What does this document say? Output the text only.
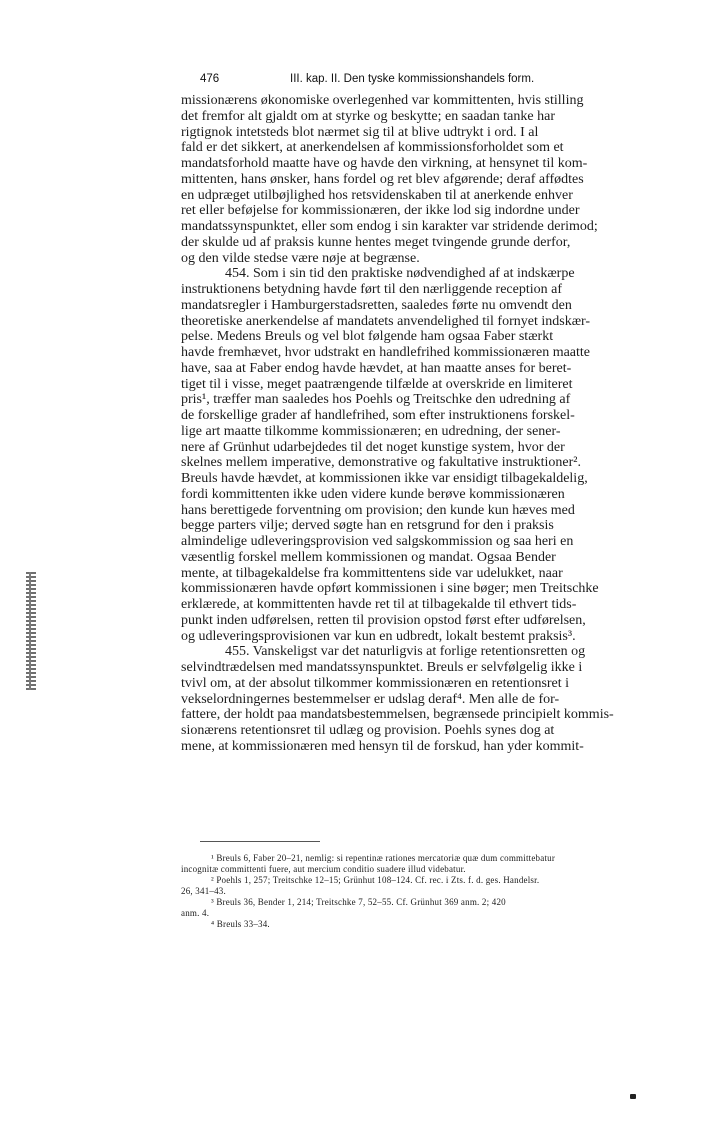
476	III. kap. II. Den tyske kommissionshandels form.
missionærens økonomiske overlegenhed var kommittenten, hvis stilling
det fremfor alt gjaldt om at styrke og beskytte; en saadan tanke har
rigtignok intetsteds blot nærmet sig til at blive udtrykt i ord. I al
fald er det sikkert, at anerkendelsen af kommissionsforholdet som et
mandatsforhold maatte have og havde den virkning, at hensynet til kom-
mittenten, hans ønsker, hans fordel og ret blev afgørende; deraf affødtes
en udpræget utilbøjlighed hos retsvidenskaben til at anerkende enhver
ret eller beføjelse for kommissionæren, der ikke lod sig indordne under
mandatssynspunktet, eller som endog i sin karakter var stridende derimod;
der skulde ud af praksis kunne hentes meget tvingende grunde derfor,
og den vilde stedse være nøje at begrænse.
454. Som i sin tid den praktiske nødvendighed af at indskærpe
instruktionens betydning havde ført til den nærliggende reception af
mandatsregler i Hamburgerstadsretten, saaledes førte nu omvendt den
theoretiske anerkendelse af mandatets anvendelighed til fornyet indskær-
pelse. Medens Breuls og vel blot følgende ham ogsaa Faber stærkt
havde fremhævet, hvor udstrakt en handlefrihed kommissionæren maatte
have, saa at Faber endog havde hævdet, at han maatte anses for beret-
tiget til i visse, meget paatrængende tilfælde at overskride en limiteret
pris¹, træffer man saaledes hos Poehls og Treitschke den udredning af
de forskellige grader af handlefrihed, som efter instruktionens forskel-
lige art maatte tilkomme kommissionæren; en udredning, der sener-
nere af Grünhut udarbejdedes til det noget kunstige system, hvor der
skelnes mellem imperative, demonstrative og fakultative instruktioner².
Breuls havde hævdet, at kommissionen ikke var ensidigt tilbagekaldelig,
fordi kommittenten ikke uden videre kunde berøve kommissionæren
hans berettigede forventning om provision; den kunde kun hæves med
begge parters vilje; derved søgte han en retsgrund for den i praksis
almindelige udleveringsprovision ved salgskommission og saa heri en
væsentlig forskel mellem kommissionen og mandat. Ogsaa Bender
mente, at tilbagekaldelse fra kommittentens side var udelukket, naar
kommissionæren havde opført kommissionen i sine bøger; men Treitschke
erklærede, at kommittenten havde ret til at tilbagekalde til ethvert tids-
punkt inden udførelsen, retten til provision opstod først efter udførelsen,
og udleveringsprovisionen var kun en udbredt, lokalt bestemt praksis³.
455. Vanskeligst var det naturligvis at forlige retentionsretten og
selvindtrædelsen med mandatssynspunktet. Breuls er selvfølgelig ikke i
tvivl om, at der absolut tilkommer kommissionæren en retentionsret i
vekselordningernes bestemmelser er udslag deraf⁴. Men alle de for-
fattere, der holdt paa mandatsbestemmelsen, begrænsede principielt kommis-
sionærens retentionsret til udlæg og provision. Poehls synes dog at
mene, at kommissionæren med hensyn til de forskud, han yder kommit-
¹ Breuls 6, Faber 20–21, nemlig: si repentinæ rationes mercatoriæ quæ dum committebatur
incognitæ committenti fuere, aut mercium conditio suadere illud videbatur.
² Poehls 1, 257; Treitschke 12–15; Grünhut 108–124. Cf. rec. i Zts. f. d. ges. Handelsr.
26, 341–43.
³ Breuls 36, Bender 1, 214; Treitschke 7, 52–55. Cf. Grünhut 369 anm. 2; 420
anm. 4.
⁴ Breuls 33–34.
